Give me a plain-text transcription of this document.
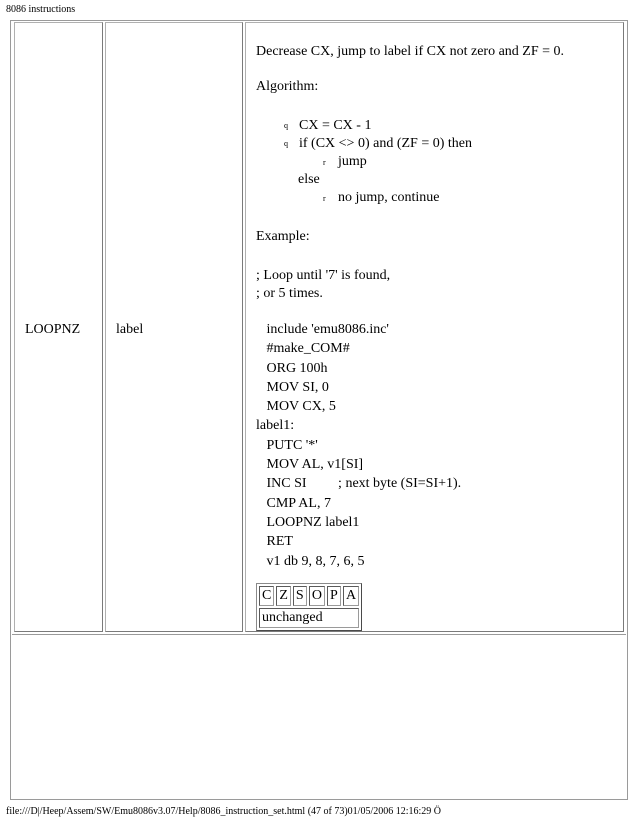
8086 instructions
LOOPNZ	label

Decrease CX, jump to label if CX not zero and ZF = 0.

Algorithm:

q CX = CX - 1
q if (CX <> 0) and (ZF = 0) then
r jump
else
r no jump, continue

Example:

; Loop until '7' is found,

; or 5 times.

include 'emu8086.inc'
#make_COM#
ORG 100h
MOV SI, 0
MOV CX, 5
label1:
PUTC '*'
MOV AL, v1[SI]
INC SI         ; next byte (SI=SI+1).
CMP AL, 7
LOOPNZ label1
RET
v1 db 9, 8, 7, 6, 5
C Z S O P A
unchanged
file:///D|/Heep/Assem/SW/Emu8086v3.07/Help/8086_instruction_set.html (47 of 73)01/05/2006 12:16:29 Ö
